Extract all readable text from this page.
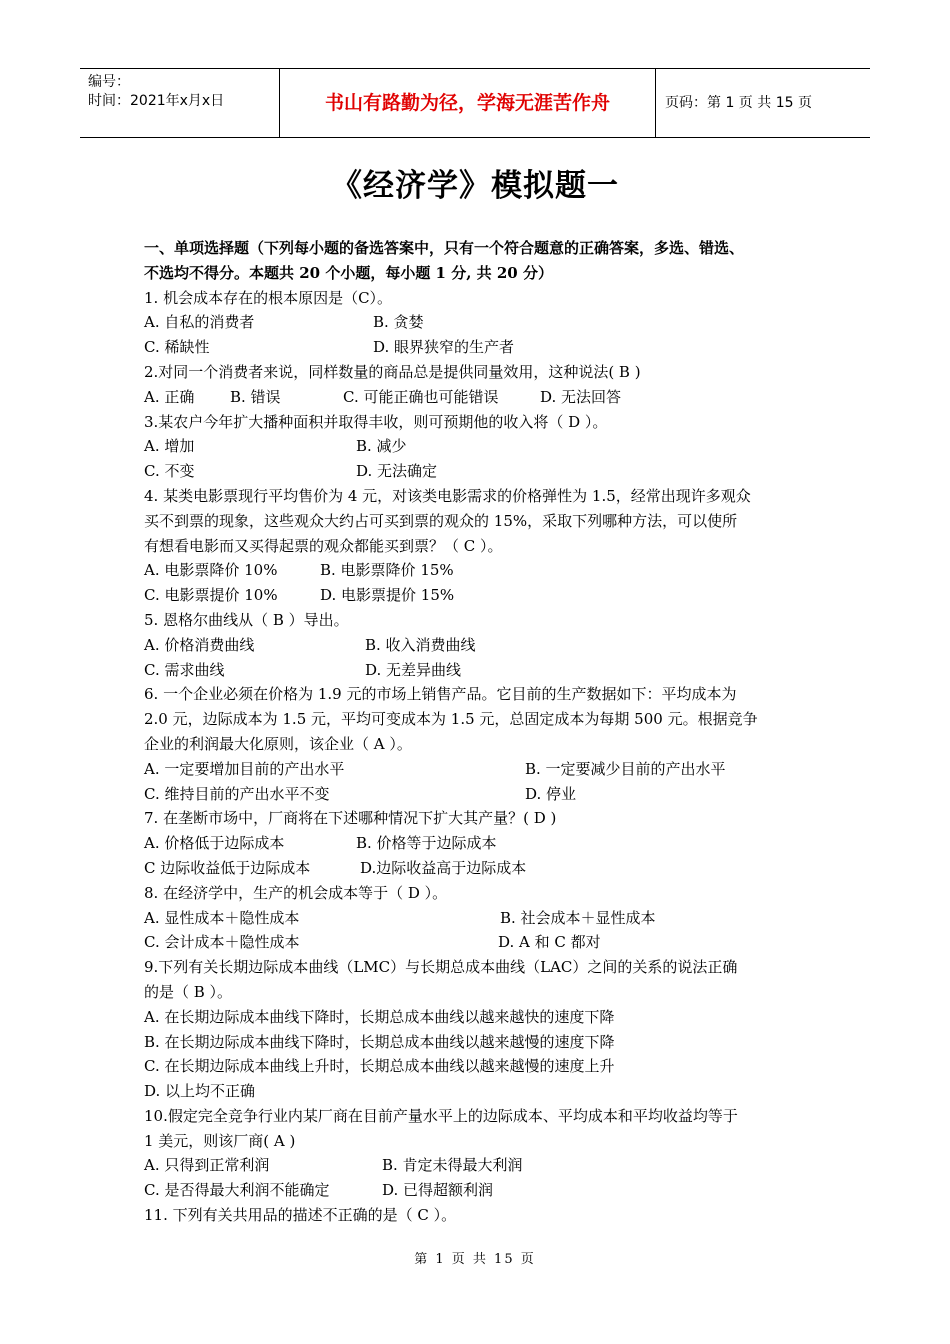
编号：
时间：2021年x月x日	书山有路勤为径，学海无涯苦作舟	页码：第 1 页 共 15 页
《经济学》模拟题一
一、单项选择题（下列每小题的备选答案中，只有一个符合题意的正确答案，多选、错选、
不选均不得分。本题共 20 个小题，每小题 1 分, 共 20 分）
1. 机会成本存在的根本原因是（C）。
A. 自私的消费者	B. 贪婪
C. 稀缺性	D. 眼界狭窄的生产者
2.对同一个消费者来说，同样数量的商品总是提供同量效用，这种说法( B )
A. 正确 B. 错误	C. 可能正确也可能错误	D. 无法回答
3.某农户今年扩大播种面积并取得丰收，则可预期他的收入将（ D ）。
A. 增加	B. 减少
C. 不变	D. 无法确定
4. 某类电影票现行平均售价为 4 元，对该类电影需求的价格弹性为 1.5，经常出现许多观众
买不到票的现象，这些观众大约占可买到票的观众的 15%，采取下列哪种方法，可以使所
有想看电影而又买得起票的观众都能买到票？（ C ）。
A. 电影票降价 10%	B. 电影票降价 15%
C. 电影票提价 10%	D. 电影票提价 15%
5. 恩格尔曲线从（ B ）导出。
A. 价格消费曲线	B. 收入消费曲线
C. 需求曲线	D. 无差异曲线
6. 一个企业必须在价格为 1.9 元的市场上销售产品。它目前的生产数据如下：平均成本为
2.0 元，边际成本为 1.5 元，平均可变成本为 1.5 元，总固定成本为每期 500 元。根据竞争
企业的利润最大化原则，该企业（ A ）。
A. 一定要增加目前的产出水平	B. 一定要减少目前的产出水平
C. 维持目前的产出水平不变	D. 停业
7. 在垄断市场中，厂商将在下述哪种情况下扩大其产量？( D )
A. 价格低于边际成本	B. 价格等于边际成本
C 边际收益低于边际成本	D.边际收益高于边际成本
8. 在经济学中，生产的机会成本等于（ D ）。
A. 显性成本＋隐性成本	B. 社会成本＋显性成本
C. 会计成本＋隐性成本	D. A 和 C 都对
9.下列有关长期边际成本曲线（LMC）与长期总成本曲线（LAC）之间的关系的说法正确
的是（ B ）。
A. 在长期边际成本曲线下降时，长期总成本曲线以越来越快的速度下降
B. 在长期边际成本曲线下降时，长期总成本曲线以越来越慢的速度下降
C. 在长期边际成本曲线上升时，长期总成本曲线以越来越慢的速度上升
D. 以上均不正确
10.假定完全竞争行业内某厂商在目前产量水平上的边际成本、平均成本和平均收益均等于
1 美元，则该厂商( A )
A. 只得到正常利润	B. 肯定未得最大利润
C. 是否得最大利润不能确定	D. 已得超额利润
11. 下列有关共用品的描述不正确的是（ C ）。
第 1 页 共 15 页
